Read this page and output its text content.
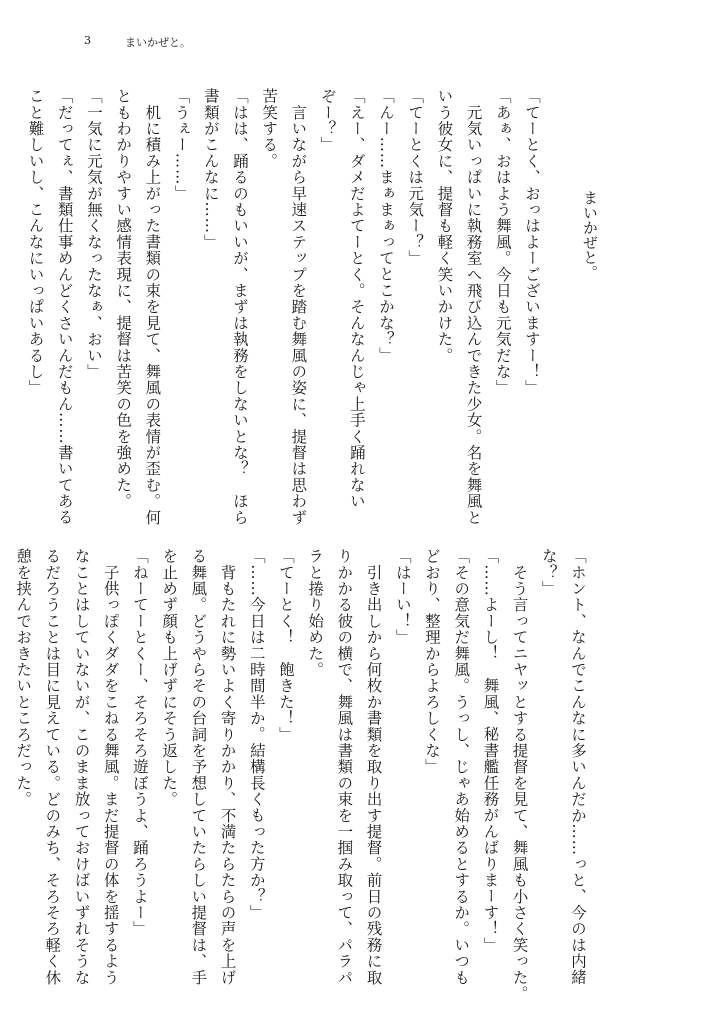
3	まいかぜと。
まいかぜと。
「てーとく、おっはよーございますー！」
「あぁ、おはよう舞風。今日も元気だな」
　元気いっぱいに執務室へ飛び込んできた少女。名を舞風と
いう彼女に、提督も軽く笑いかけた。
「てーとくは元気ー？」
「んー……まぁまぁってとこかな？」
「えー、ダメだよてーとく。そんなんじゃ上手く踊れない
ぞー？」
　言いながら早速ステップを踏む舞風の姿に、提督は思わず
苦笑する。
「はは、踊るのもいいが、まずは執務をしないとな？　ほら
書類がこんなに……」
「うぇー……」
　机に積み上がった書類の束を見て、舞風の表情が歪む。何
ともわかりやすい感情表現に、提督は苦笑の色を強めた。
「一気に元気が無くなったなぁ、おい」
「だってぇ、書類仕事めんどくさいんだもん……書いてある
こと難しいし、こんなにいっぱいあるし」
「ホント、なんでこんなに多いんだか……っと、今のは内緒
な？」
　そう言ってニヤッとする提督を見て、舞風も小さく笑った。
「……よーし！　舞風、秘書艦任務がんばりまーす！」
「その意気だ舞風。うっし、じゃあ始めるとするか。いつも
どおり、整理からよろしくな」
「はーい！」
　引き出しから何枚か書類を取り出す提督。前日の残務に取
りかかる彼の横で、舞風は書類の束を一掴み取って、パラパ
ラと捲り始めた。
「てーとく！　飽きた！」
「……今日は二時間半か。結構長くもった方か？」
　背もたれに勢いよく寄りかかり、不満たらたらの声を上げ
る舞風。どうやらその台詞を予想していたらしい提督は、手
を止めず顔も上げずにそう返した。
「ねーてーとくー、そろそろ遊ぼうよ、踊ろうよー」
　子供っぽくダダをこねる舞風。まだ提督の体を揺するよう
なことはしていないが、このまま放っておけばいずれそうな
るだろうことは目に見えている。どのみち、そろそろ軽く休
憩を挟んでおきたいところだった。
